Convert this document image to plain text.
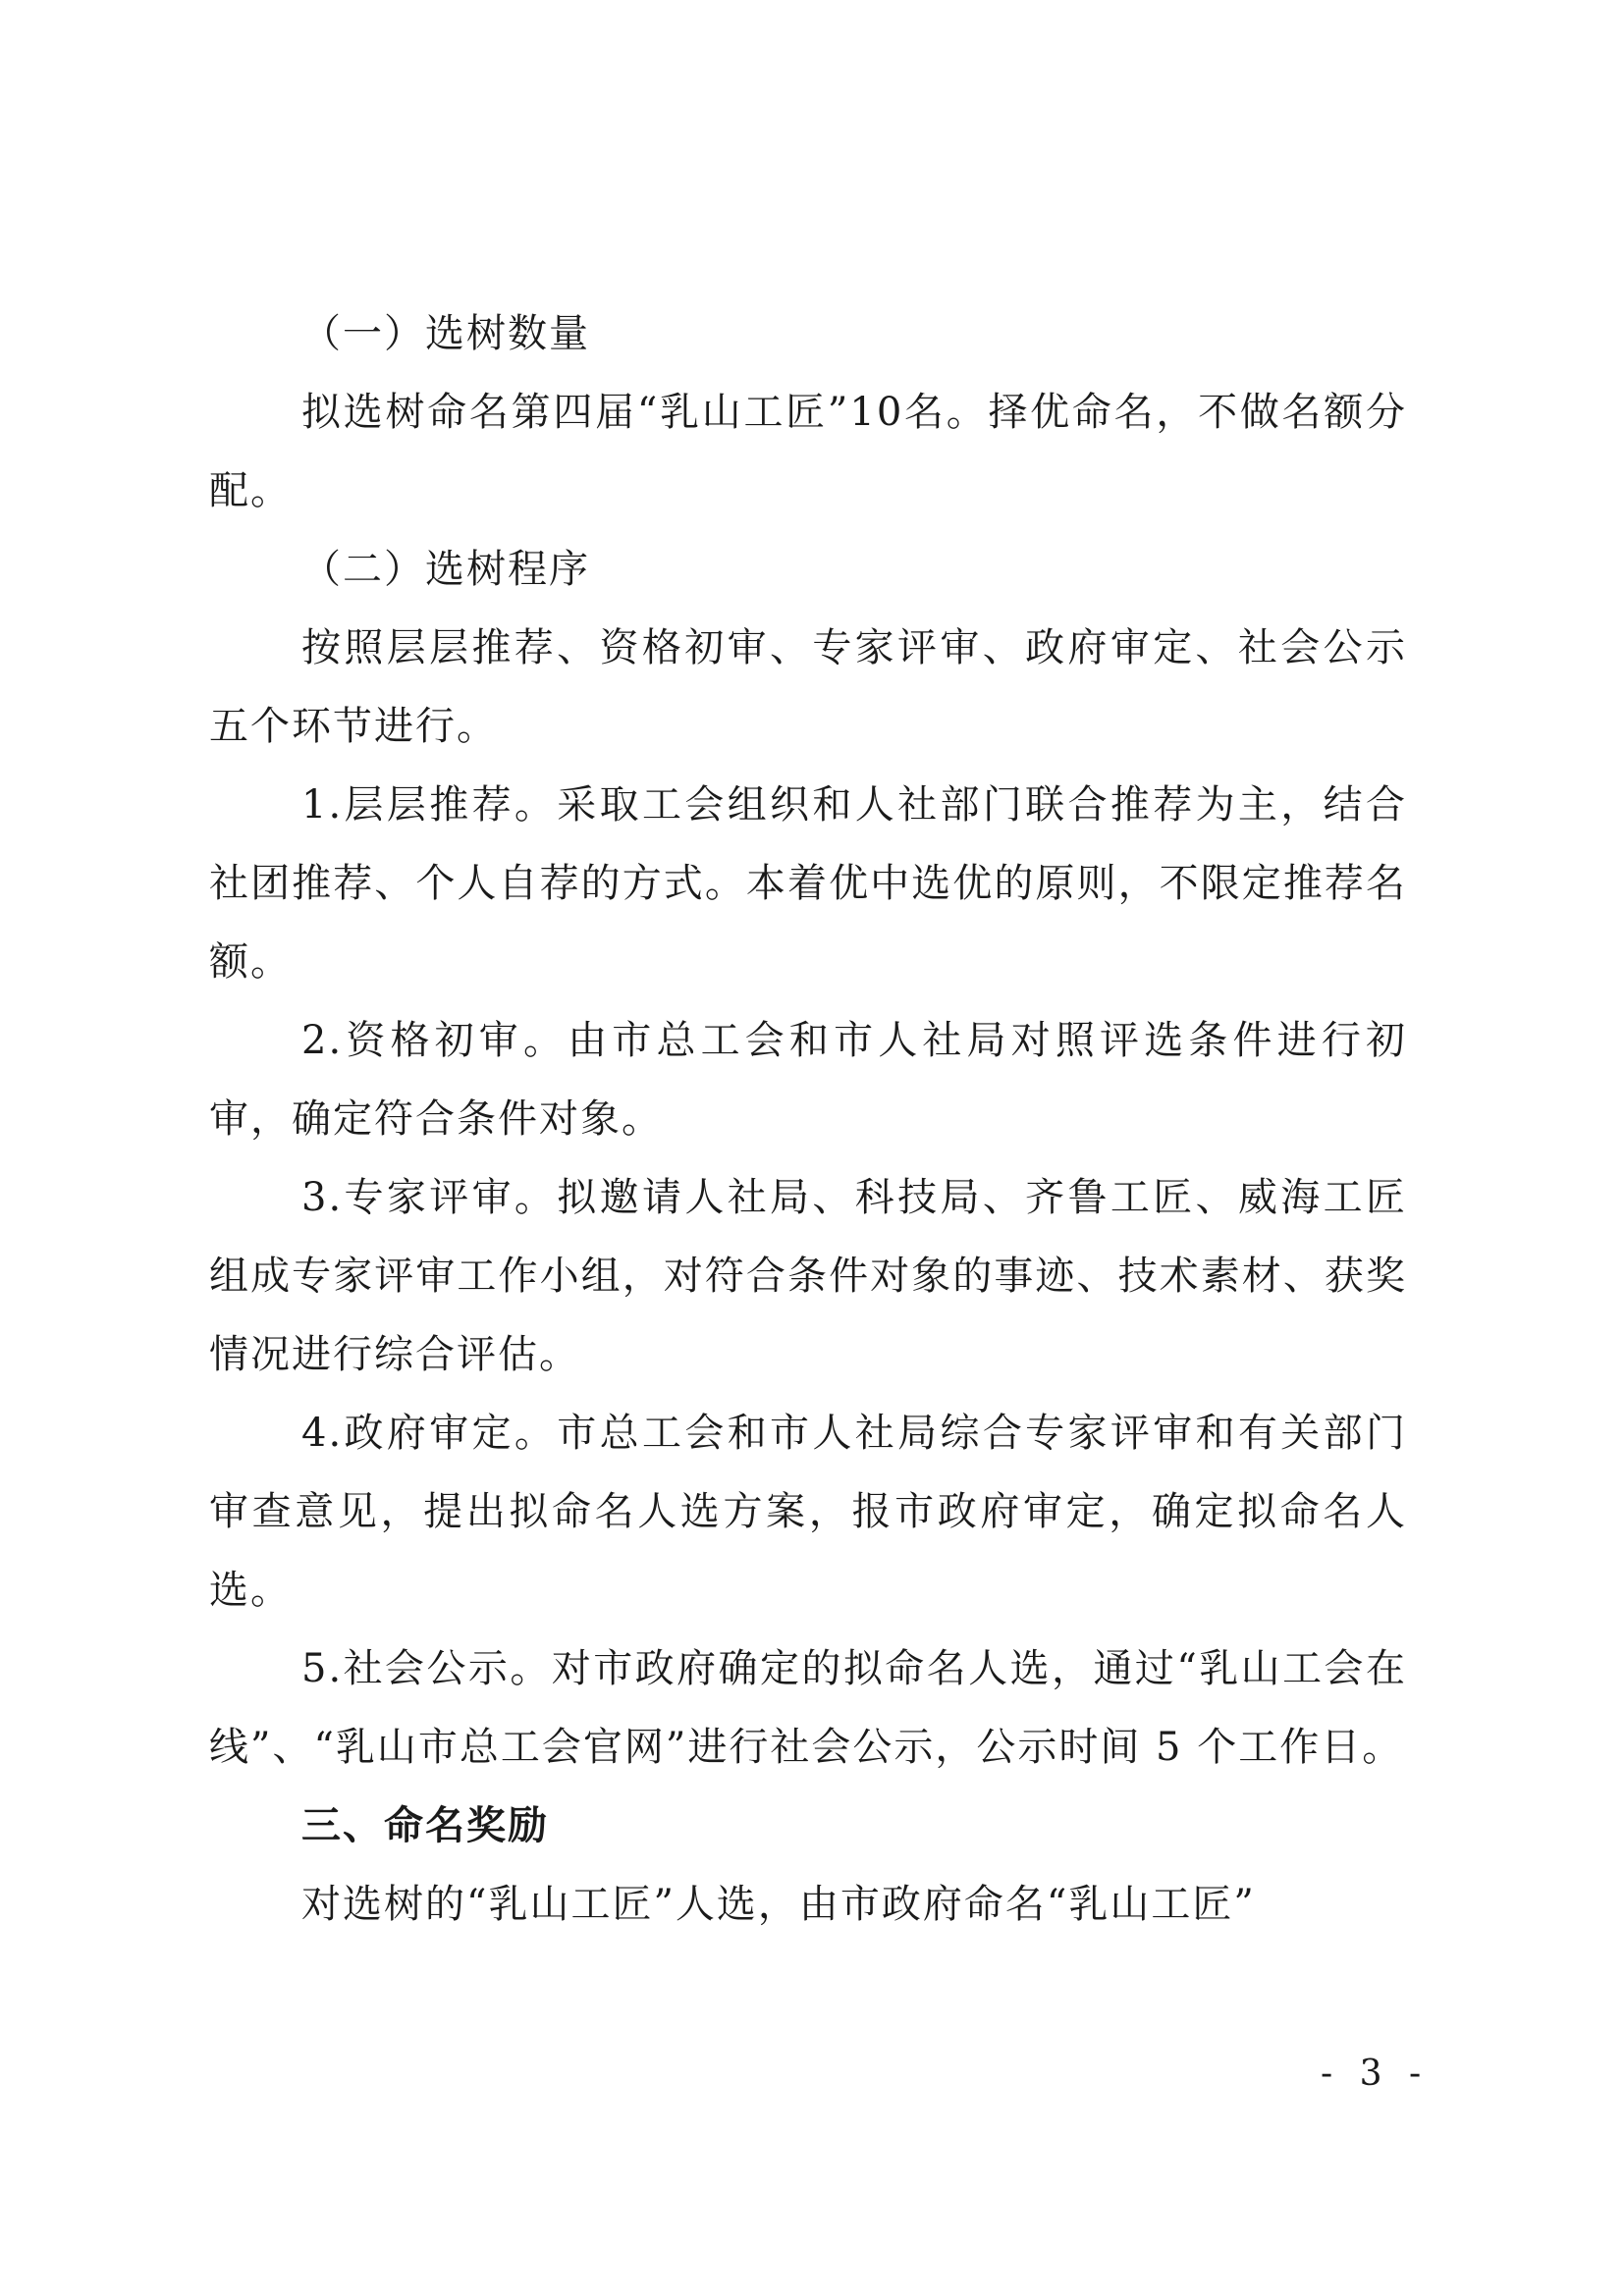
（一）选树数量

拟选树命名第四届“乳山工匠”10名。择优命名，不做名额分配。

（二）选树程序

按照层层推荐、资格初审、专家评审、政府审定、社会公示五个环节进行。

1.层层推荐。采取工会组织和人社部门联合推荐为主，结合社团推荐、个人自荐的方式。本着优中选优的原则，不限定推荐名额。

2.资格初审。由市总工会和市人社局对照评选条件进行初审，确定符合条件对象。

3.专家评审。拟邀请人社局、科技局、齐鲁工匠、威海工匠组成专家评审工作小组，对符合条件对象的事迹、技术素材、获奖情况进行综合评估。

4.政府审定。市总工会和市人社局综合专家评审和有关部门审查意见，提出拟命名人选方案，报市政府审定，确定拟命名人选。

5.社会公示。对市政府确定的拟命名人选，通过“乳山工会在线”、“乳山市总工会官网”进行社会公示，公示时间 5 个工作日。

三、命名奖励

对选树的“乳山工匠”人选，由市政府命名“乳山工匠”

- 3 -
